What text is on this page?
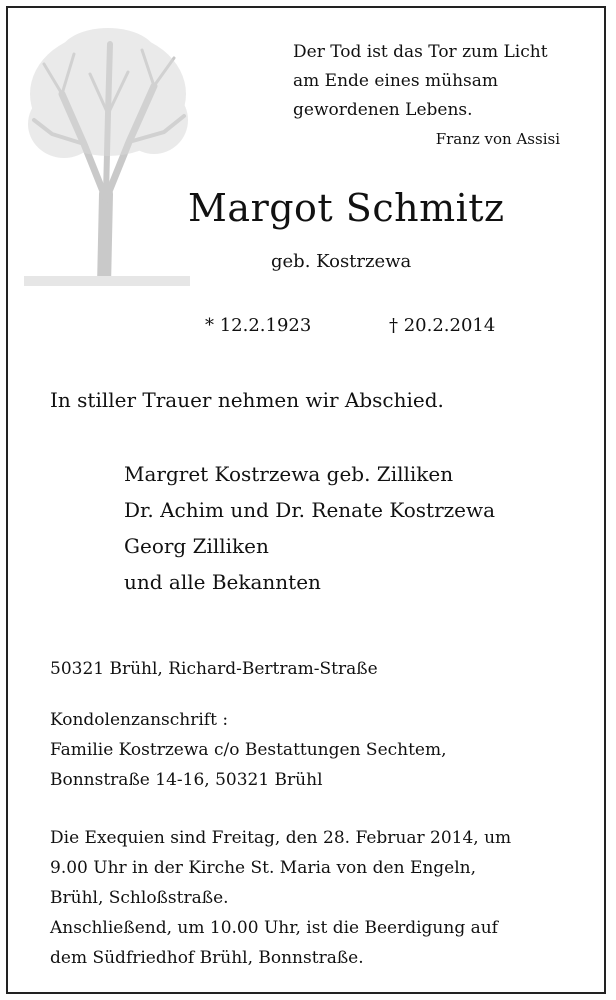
Der Tod ist das Tor zum Licht
am Ende eines mühsam
gewordenen Lebens.
Franz von Assisi
Margot Schmitz
geb. Kostrzewa
* 12.2.1923	† 20.2.2014
In stiller Trauer nehmen wir Abschied.
Margret Kostrzewa geb. Zilliken
Dr. Achim und Dr. Renate Kostrzewa
Georg Zilliken
und alle Bekannten
50321 Brühl, Richard-Bertram-Straße
Kondolenzanschrift :
Familie Kostrzewa c/o Bestattungen Sechtem,
Bonnstraße 14-16, 50321 Brühl
Die Exequien sind Freitag, den 28. Februar 2014, um
9.00 Uhr in der Kirche St. Maria von den Engeln,
Brühl, Schloßstraße.
Anschließend, um 10.00 Uhr, ist die Beerdigung auf
dem Südfriedhof Brühl, Bonnstraße.
